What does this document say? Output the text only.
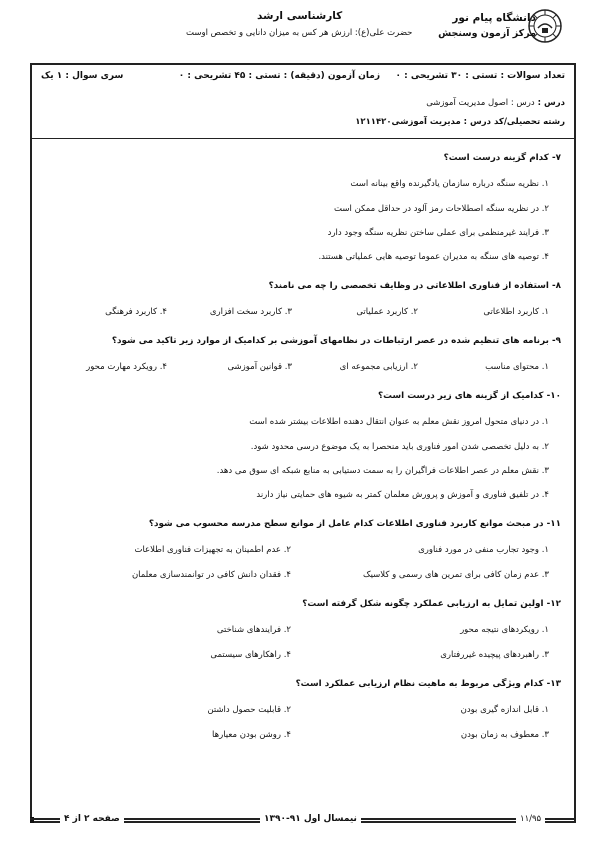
دانشگاه پیام نور
مرکز آزمون وسنجش
کارشناسی ارشد
حضرت علی(ع): ارزش هر کس به میزان دانایی و تخصص اوست
تعداد سوالات : تستی : ۳۰ تشریحی : ۰
زمان آزمون (دقیقه) : تستی : ۴۵ تشریحی : ۰
سری سوال : ۱ یک
درس : درس : اصول مدیریت آموزشی
رشته تحصیلی/کد درس : مدیریت آموزشی۱۲۱۱۴۲۰
۷- کدام گزینه درست است؟
۱. نظریه سنگه درباره سازمان یادگیرنده واقع بینانه است
۲. در نظریه سنگه اصطلاحات رمز آلود در حداقل ممکن است
۳. فرایند غیرمنظمی برای عملی ساختن نظریه سنگه وجود دارد
۴. توصیه های سنگه به مدیران عموما توصیه هایی عملیاتی هستند.
۸- استفاده از فناوری اطلاعاتی در وظایف تخصصی را چه می نامند؟
۱. کاربرد اطلاعاتی
۲. کاربرد عملیاتی
۳. کاربرد سخت افزاری
۴. کاربرد فرهنگی
۹- برنامه های تنظیم شده در عصر ارتباطات در نظامهای آموزشی بر کدامیک از موارد زیر تاکید می شود؟
۱. محتوای مناسب
۲. ارزیابی مجموعه ای
۳. قوانین آموزشی
۴. رویکرد مهارت محور
۱۰- کدامیک از گزینه های زیر درست است؟
۱. در دنیای متحول امروز نقش معلم به عنوان انتقال دهنده اطلاعات بیشتر شده است
۲. به دلیل تخصصی شدن امور فناوری باید منحصرا به یک موضوع درسی محدود شود.
۳. نقش معلم در عصر اطلاعات فراگیران را به سمت دستیابی به منابع شبکه ای سوق می دهد.
۴. در تلفیق فناوری و آموزش و پرورش معلمان کمتر به شیوه های حمایتی نیاز دارند
۱۱- در مبحث موانع کاربرد فناوری اطلاعات کدام عامل از موانع سطح مدرسه محسوب می شود؟
۱. وجود تجارب منفی در مورد فناوری
۲. عدم اطمینان به تجهیزات فناوری اطلاعات
۳. عدم زمان کافی برای تمرین های رسمی و کلاسیک
۴. فقدان دانش کافی در توانمندسازی معلمان
۱۲- اولین تمایل به ارزیابی عملکرد چگونه شکل گرفته است؟
۱. رویکردهای نتیجه محور
۲. فرایندهای شناختی
۳. راهبردهای پیچیده غیررفتاری
۴. راهکارهای سیستمی
۱۳- کدام ویژگی مربوط به ماهیت نظام ارزیابی عملکرد است؟
۱. قابل اندازه گیری بودن
۲. قابلیت حصول داشتن
۳. معطوف به زمان بودن
۴. روشن بودن معیارها
صفحه ۲ از ۴	نیمسال اول ۹۱-۱۳۹۰	۱۱/۹۵
